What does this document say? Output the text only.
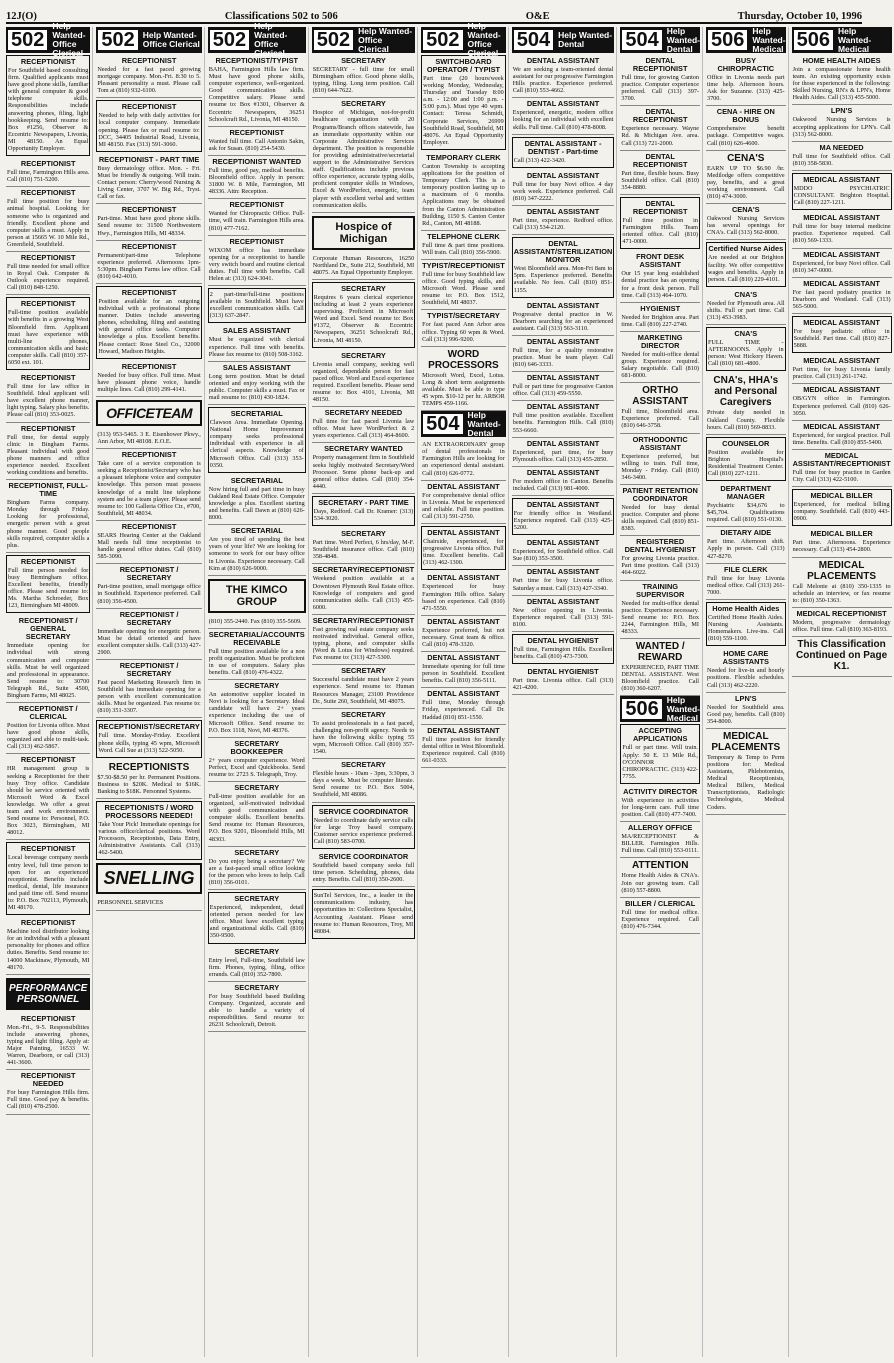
12J(O)	Classifications 502 to 506	O&E	Thursday, October 10, 1996
502
Help Wanted-Office Clerical
RECEPTIONIST

For Southfield based consulting firm. Qualified applicants must have good phone skills, familiar with general computer & good telephone skills. Responsibilities include answering phones, filing, light bookkeeping. Send resume to: Box #1256, Observer & Eccentric Newspapers, Livonia, MI 48150. An Equal Opportunity Employer.

RECEPTIONIST

Full time, Farmington Hills area. Call (810) 751-5200.

RECEPTIONIST

Full time position for busy animal hospital. Looking for someone who is organized and friendly. Excellent phone and computer skills a must. Apply in person at 15665 W. 10 Mile Rd., Greenfield, Southfield.

RECEPTIONIST

Full time needed for small office in Royal Oak. Computer & Outlook experience required. Call (810) 848-1250.

RECEPTIONIST

Full-time position available with benefits in a growing West Bloomfield firm. Applicant must have experience with multi-line phones, communication skills and basic computer skills. Call (810) 357-6050 ext. 101.

RECEPTIONIST

Full time for law office in Southfield. Ideal applicant will have excellent phone manner, light typing. Salary plus benefits. Please call (810) 353-0025.

RECEPTIONIST

Full time, for dental supply clinic in Bingham Farms. Pleasant individual with good phone manners and office experience needed. Excellent working conditions and benefits.

RECEPTIONIST, FULL-TIME

Bingham Farms company. Monday through Friday. Looking for professional, energetic person with a great phone manner. Good people skills required, computer skills a plus.

RECEPTIONIST

Full time person needed for busy Birmingham office. Excellent benefits, friendly office. Please send resume to: Ms. Martha Schroeder, Box 123, Birmingham MI 48009.

RECEPTIONIST / GENERAL SECRETARY

Immediate opening for individual with strong communication and computer skills. Must be well organized and professional in appearance. Send resume to: 30700 Telegraph Rd., Suite 4500, Bingham Farms, MI 48025.

RECEPTIONIST / CLERICAL

Position for Livonia office. Must have good phone skills, organized and able to multi-task. Call (313) 462-5867.

RECEPTIONIST

HR management group is seeking a Receptionist for their busy Troy office. Candidate should be service oriented with Microsoft Word & Excel knowledge. We offer a great team and work environment. Send resume to: Personnel, P.O. Box 3023, Birmingham, MI 48012.

RECEPTIONIST

Local beverage company needs entry level, full time person to open for an experienced receptionist. Benefits include medical, dental, life insurance and paid time off. Send resume to: P.O. Box 702113, Plymouth, MI 48170.

RECEPTIONIST

Machine tool distributor looking for an individual with a pleasant personality for phones and office duties. Benefits. Send resume to: 14000 Mackinaw, Plymouth, MI 48170.

PERFORMANCE PERSONNEL
RECEPTIONIST

Mon.-Fri., 9-5. Responsibilities include answering phones, typing and light filing. Apply at: Major Painting, 16533 W. Warren, Dearborn, or call (313) 441-3600.

RECEPTIONIST NEEDED

For busy Farmington Hills firm. Full time. Good pay & benefits. Call (810) 478-2500.

502 Help Wanted-Office Clerical
RECEPTIONIST

Needed for a fast paced growing mortgage company. Mon.-Fri. 8:30 to 5. Pleasant personality a must. Please call Tom at (810) 932-6100.

RECEPTIONIST

Needed to help with daily activities for local computer company. Immediate opening. Please fax or mail resume to: DCC, 34405 Industrial Road, Livonia, MI 48150. Fax (313) 591-3060.

RECEPTIONIST - PART TIME

Busy dermatology office. Mon. - Fri. Must be friendly & outgoing. Will train. Contact person: Cherry/wood Nursing & Living Center, 3707 W. Big Rd., Tryst. Call or fax.

RECEPTIONIST

Part-time. Must have good phone skills. Send resume to: 31500 Northwestern Hwy., Farmington Hills, MI 48334.

RECEPTIONIST

Permanent/part-time Telephone experience preferred. Afternoons 1pm-5:30pm. Bingham Farms law office. Call (810) 642-4010.

RECEPTIONIST

Position available for an outgoing individual with a professional phone manner. Duties include answering phones, scheduling, filing and assisting with general office tasks. Computer knowledge a plus. Excellent benefits. Please contact: Rose Steel Co., 32000 Howard, Madison Heights.

RECEPTIONIST

Needed for busy office. Full time. Must have pleasant phone voice, handle multiple lines. Call (810) 299-4141.

OFFICETEAM

(313) 953-5465. 3 E. Eisenhower Pkwy., Ann Arbor, MI 48108. E.O.E.

RECEPTIONIST

Take care of a service corporation is seeking a Receptionist/Secretary who has a pleasant telephone voice and computer knowledge. This person must possess knowledge of a multi line telephone system and be a team player. Please send resume to: 100 Galleria Office Ctr., #700, Southfield, MI 48034.

RECEPTIONIST

SEARS Hearing Center at the Oakland Mall needs full time receptionist to handle general office duties. Call (810) 585-3090.

RECEPTIONIST / SECRETARY

Part-time position, small mortgage office in Southfield. Experience preferred. Call (810) 356-4500.

RECEPTIONIST / SECRETARY

Immediate opening for energetic person. Must be detail oriented and have excellent computer skills. Call (313) 427-2900.

RECEPTIONIST / SECRETARY

Fast paced Marketing Research firm in Southfield has immediate opening for a person with excellent communication skills. Must be organized. Fax resume to: (810) 351-3307.

RECEPTIONIST/SECRETARY

Full time. Monday-Friday. Excellent phone skills, typing 45 wpm, Microsoft Word. Call Sue at (313) 522-5050.

RECEPTIONISTS

$7.50-$8.50 per hr. Permanent Positions. Business to $20K. Medical to $16K. Banking to $18K. Personnel Systems.

RECEPTIONISTS / WORD PROCESSORS NEEDED!

Take Your Pick! Immediate openings for various office/clerical positions. Word Processors, Receptionists, Data Entry, Administrative Assistants. Call (313) 462-5400.

SNELLING

PERSONNEL SERVICES

502
Help Wanted-Office Clerical
RECEPTIONIST/TYPIST

BAHA, Farmington Hills law firm. Must have good phone skills, computer experience, well-organized. Good communication skills. Competitive salary. Please send resume to: Box #1301, Observer & Eccentric Newspapers, 36251 Schoolcraft Rd., Livonia, MI 48150.

RECEPTIONIST

Wanted full time. Call Antonio Sakin, ask for Susan. (810) 254-5430.

RECEPTIONIST WANTED

Full time, good pay, medical benefits. Bloomfield office. Apply in person: 31800 W. 8 Mile, Farmington, MI 48336. Attn: Reception.

RECEPTIONIST

Wanted for Chiropractic Office. Full-time, will train. Farmington Hills area. (810) 477-7162.

RECEPTIONIST

WIXOM office has immediate opening for a receptionist to handle very switch board and routine clerical duties. Full time with benefits. Call Helen at: (313) 624-3041.

2 part-time/full-time positions available in Southfield. Must have excellent communication skills. Call (313) 637-2847.

SALES ASSISTANT

Must be organized with clerical experience. Full time with benefits. Please fax resume to: (810) 508-3162.

SALES ASSISTANT

Long term position. Must be detail oriented and enjoy working with the public. Computer skills a must. Fax or mail resume to: (810) 430-1824.

SECRETARIAL

Clawson Area. Immediate Opening. National Home Improvement company seeks professional individual with experience in all clerical aspects. Knowledge of Microsoft Office. Call (313) 353-0350.

SECRETARIAL

Now hiring full and part time in busy Oakland Real Estate Office. Computer knowledge a plus. Excellent starting and benefits. Call Dawn at (810) 626-8000.

SECRETARIAL

Are you tired of spending the best years of your life? We are looking for someone to work for our busy office in Livonia. Experience necessary. Call Kim at (810) 626-9000.

THE KIMCO GROUP

(810) 355-2440. Fax (810) 355-5609.

SECRETARIAL/ACCOUNTS RECEIVABLE

Full time position available for a non profit organization. Must be proficient in use of computers. Salary plus benefits. Call (810) 476-4322.

SECRETARY

An automotive supplier located in Novi is looking for a Secretary. Ideal candidate will have 2+ years experience including the use of Microsoft Office. Send resume to: P.O. Box 1118, Novi, MI 48376.

SECRETARY BOOKKEEPER

2+ years computer experience. Word Perfect, Excel and Quickbooks. Send resume to: 2723 S. Telegraph, Troy.

SECRETARY

Full-time position available for an organized, self-motivated individual with good communication and computer skills. Excellent benefits. Send resume to: Human Resources, P.O. Box 9201, Bloomfield Hills, MI 48303.

SECRETARY

Do you enjoy being a secretary? We are a fast-paced small office looking for the person who loves to help. Call (810) 356-0101.

SECRETARY

Experienced, independent, detail oriented person needed for law office. Must have excellent typing and organizational skills. Call (810) 350-9500.

SECRETARY

Entry level, Full-time, Southfield law firm. Phones, typing, filing, office errands. Call (810) 352-7800.

SECRETARY

For busy Southfield based Building Company. Organized, accurate and able to handle a variety of responsibilities. Send resume to: 26231 Schoolcraft, Detroit.

502 Help Wanted-Office Clerical
SECRETARY

SECRETARY - full time for small Birmingham office. Good phone skills, typing, filing. Long term position. Call (810) 644-7622.

SECRETARY

Hospice of Michigan, not-for-profit healthcare organization with 20 Programs/Branch offices statewide, has an immediate opportunity within our Corporate Administrative Services department. The position is responsible for providing administrative/secretarial support to the Administrative Services staff. Qualifications include previous office experience, accurate typing skills, proficient computer skills in Windows, Excel & WordPerfect, energetic, team player with excellent verbal and written communication skills.

Hospice of Michigan

Corporate Human Resources, 16250 Northland Dr., Suite 212, Southfield, MI 48075. An Equal Opportunity Employer.

SECRETARY

Requires 6 years clerical experience including at least 2 years experience supervising. Proficient in Microsoft Word and Excel. Send resume to: Box #1372, Observer & Eccentric Newspapers, 36251 Schoolcraft Rd., Livonia, MI 48150.

SECRETARY

Livonia small company, seeking well organized, dependable person for fast paced office. Word and Excel experience required. Excellent benefits. Please send resume to: Box 4101, Livonia, MI 48150.

SECRETARY NEEDED

Full time for fast paced Livonia law office. Must have WordPerfect & 2 years experience. Call (313) 464-8600.

SECRETARY WANTED

Property management firm in Southfield seeks highly motivated Secretary/Word Processor. Some phone back-up and general office duties. Call (810) 354-4440.

SECRETARY - PART TIME

Days, Redford. Call Dr. Kramer: (313) 534-3020.

SECRETARY

Part time. Word Perfect, 6 hrs/day, M-F. Southfield insurance office. Call (810) 358-4848.

SECRETARY/RECEPTIONIST

Weekend position available at a Downtown Plymouth Real Estate office. Knowledge of computers and good communication skills. Call (313) 455-6000.

SECRETARY/RECEPTIONIST

Fast growing real estate company seeks motivated individual. General office, typing, phone, and computer skills (Word & Lotus for Windows) required. Fax resume to: (313) 427-5300.

SECRETARY

Successful candidate must have 2 years experience. Send resume to: Human Resources Manager, 23100 Providence Dr., Suite 260, Southfield, MI 48075.

SECRETARY

To assist professionals in a fast paced, challenging non-profit agency. Needs to have the following skills: typing 55 wpm, Microsoft Office. Call (810) 357-1540.

SECRETARY

Flexible hours - 10am - 3pm, 3:30pm, 3 days a week. Must be computer literate. Send resume to: P.O. Box 5004, Southfield, MI 48086.

SERVICE COORDINATOR

Needed to coordinate daily service calls for large Troy based company. Customer service experience preferred. Call (810) 583-0700.

SERVICE COORDINATOR

Southfield based company seeks full time person. Scheduling, phones, data entry. Benefits. Call (810) 350-2600.

SunTel Services, Inc., a leader in the communications industry, has opportunities in: Collections Specialist, Accounting Assistant. Please send resume to: Human Resources, Troy, MI 48084.

502
Help Wanted-Office Clerical
SWITCHBOARD OPERATOR / TYPIST

Part time (20 hours/week working Monday, Wednesday, Thursday and Tuesday 8:00 a.m. - 12:00 and 1:00 p.m. - 5:00 p.m.). Must type 40 wpm. Contact: Teresa Schmidt, Corporate Services, 26999 Southfield Road, Southfield, MI 48076. An Equal Opportunity Employer.

TEMPORARY CLERK

Canton Township is accepting applications for the position of Temporary Clerk. This is a temporary position lasting up to a maximum of 6 months. Applications may be obtained from the Canton Administration Building, 1150 S. Canton Center Rd., Canton, MI 48188.

TELEPHONE CLERK

Full time & part time positions. Will train. Call (810) 356-5900.

TYPIST/RECEPTIONIST

Full time for busy Southfield law office. Good typing skills, and Microsoft Word. Please send resume to: P.O. Box 1512, Southfield, MI 48037.

TYPIST/SECRETARY

For fast paced Ann Arbor area office. Typing 60 wpm & Word. Call (313) 996-9200.

WORD PROCESSORS

Microsoft Word, Excel, Lotus. Long & short term assignments available. Must be able to type 45 wpm. $10-12 per hr. ARBOR TEMPS 459-1166.

504 Help Wanted-Dental

AN EXTRAORDINARY group of dental professionals in Farmington Hills are looking for an experienced dental assistant. Call (810) 626-0772.

DENTAL ASSISTANT

For comprehensive dental office in Livonia. Must be experienced and reliable. Full time position. Call (313) 591-2750.

DENTAL ASSISTANT

Chairside, experienced, for progressive Livonia office. Full time. Excellent benefits. Call (313) 462-1300.

DENTAL ASSISTANT

Experienced for busy Farmington Hills office. Salary based on experience. Call (810) 471-5550.

DENTAL ASSISTANT

Experience preferred, but not necessary. Great team & office. Call (810) 478-3320.

DENTAL ASSISTANT

Immediate opening for full time person in Southfield. Excellent benefits. Call (810) 356-5111.

DENTAL ASSISTANT

Full time, Monday through Friday, experienced. Call Dr. Haddad (810) 851-1550.

DENTAL ASSISTANT

Full time position for friendly dental office in West Bloomfield. Experience required. Call (810) 661-0333.

504 Help Wanted-Dental
DENTAL ASSISTANT

We are seeking a team-oriented dental assistant for our progressive Farmington Hills practice. Experience preferred. Call (810) 553-4662.

DENTAL ASSISTANT

Experienced, energetic, modern office looking for an individual with excellent skills. Full time. Call (810) 478-8008.

DENTAL ASSISTANT - DENTIST - Part-time

Call (313) 422-3420.

DENTAL ASSISTANT

Full time for busy Novi office. 4 day work week. Experience preferred. Call (810) 347-2222.

DENTAL ASSISTANT

Part time, experience. Redford office. Call (313) 534-2120.

DENTAL ASSISTANT/STERILIZATION MONITOR

West Bloomfield area. Mon-Fri 8am to 5pm. Experience preferred. Benefits available. No fees. Call (810) 851-1155.

DENTAL ASSISTANT

Progressive dental practice in W. Dearborn searching for an experienced assistant. Call (313) 563-3110.

DENTAL ASSISTANT

Full time, for a quality restorative practice. Must be team player. Call (810) 646-3333.

DENTAL ASSISTANT

Full or part time for progressive Canton office. Call (313) 459-5550.

DENTAL ASSISTANT

Full time position available. Excellent benefits. Farmington Hills. Call (810) 553-6660.

DENTAL ASSISTANT

Experienced, part time, for busy Plymouth office. Call (313) 455-2850.

DENTAL ASSISTANT

For modern office in Canton. Benefits included. Call (313) 981-4000.

DENTAL ASSISTANT

For friendly office in Westland. Experience required. Call (313) 425-5200.

DENTAL ASSISTANT

Experienced, for Southfield office. Call Sue (810) 353-3500.

DENTAL ASSISTANT

Part time for busy Livonia office. Saturday a must. Call (313) 427-3340.

DENTAL ASSISTANT

New office opening in Livonia. Experience required. Call (313) 591-8100.

DENTAL HYGIENIST

Full time, Farmington Hills. Excellent benefits. Call (810) 473-7300.

DENTAL HYGIENIST

Part time. Livonia office. Call (313) 421-4200.

504 Help Wanted-Dental
DENTAL RECEPTIONIST

Full time, for growing Canton practice. Computer experience preferred. Call (313) 397-3700.

DENTAL RECEPTIONIST

Experience necessary. Wayne Rd. & Michigan Ave. area. Call (313) 721-2000.

DENTAL RECEPTIONIST

Part time, flexible hours. Busy Southfield office. Call (810) 354-8880.

DENTAL RECEPTIONIST

Full time position in Farmington Hills. Team oriented office. Call (810) 471-0000.

FRONT DESK ASSISTANT

Our 15 year long established dental practice has an opening for a front desk person. Full time. Call (313) 464-1070.

HYGIENIST

Needed for Brighton area. Part time. Call (810) 227-2740.

MARKETING DIRECTOR

Needed for multi-office dental group. Experience required. Salary negotiable. Call (810) 681-8000.

ORTHO ASSISTANT

Full time, Bloomfield area. Experience preferred. Call (810) 646-3758.

ORTHODONTIC ASSISTANT

Experience preferred, but willing to train. Full time, Monday - Friday. Call (810) 346-3400.

PATIENT RETENTION COORDINATOR

Needed for busy dental practice. Computer and phone skills required. Call (810) 851-8383.

REGISTERED DENTAL HYGIENIST

For growing Livonia practice. Part time position. Call (313) 464-6022.

TRAINING SUPERVISOR

Needed for multi-office dental practice. Experience necessary. Send resume to: P.O. Box 2244, Farmington Hills, MI 48333.

WANTED / REWARD

EXPERIENCED, PART TIME DENTAL ASSISTANT. West Bloomfield practice. Call (810) 360-6207.

506 Help Wanted-Medical
ACCEPTING APPLICATIONS

Full or part time. Will train. Apply: 50 E. 13 Mile Rd., O'CONNOR CHIROPRACTIC. (313) 422-7755.

ACTIVITY DIRECTOR

With experience in activities for long-term care. Full time position. Call (810) 477-7400.

ALLERGY OFFICE

MA/RECEPTIONIST & BILLER. Farmington Hills. Full time. Call (810) 553-0111.

ATTENTION

Home Health Aides & CNA's. Join our growing team. Call (810) 557-8800.

BILLER / CLERICAL

Full time for medical office. Experience required. Call (810) 476-7344.

506 Help Wanted-Medical
BUSY CHIROPRACTIC

Office in Livonia needs part time help. Afternoon hours. Ask for Suzanne. (313) 425-3700.

CENA - HIRE ON BONUS

Comprehensive benefit package. Competitive wages. Call (810) 626-4600.

CENA'S

EARN UP TO $6.90 /hr. Medilodge offers competitive pay, benefits, and a great working environment. Call (810) 474-3000.

CENA'S

Oakwood Nursing Services has several openings for CNA's. Call (313) 562-8000.

Certified Nurse Aides

Are needed at our Brighton facility. We offer competitive wages and benefits. Apply in person. Call (810) 229-4101.

CNA'S

Needed for Plymouth area. All shifts. Full or part time. Call (313) 453-3983.

CNA'S

FULL TIME - AFTERNOONS. Apply in person: West Hickory Haven. Call (810) 681-4800.

CNA's, HHA's and Personal Caregivers

Private duty needed in Oakland County. Flexible hours. Call (810) 569-8833.

COUNSELOR

Position available for Brighton Hospital's Residential Treatment Center. Call (810) 227-1211.

DEPARTMENT MANAGER

Psychiatric $34,676 to $45,704. Qualifications required. Call (810) 551-0130.

DIETARY AIDE

Part time. Afternoon shift. Apply in person. Call (313) 427-8270.

FILE CLERK

Full time for busy Livonia medical office. Call (313) 261-7000.

Home Health Aides

Certified Home Health Aides. Nursing Assistants. Homemakers. Live-ins. Call (810) 559-1100.

HOME CARE ASSISTANTS

Needed for live-in and hourly positions. Flexible schedules. Call (313) 462-2220.

LPN'S

Needed for Southfield area. Good pay, benefits. Call (810) 354-8000.

MEDICAL PLACEMENTS

Temporary & Temp to Perm positions for: Medical Assistants, Phlebotomists, Medical Receptionists, Medical Billers, Medical Transcriptionists, Radiologic Technologists, Medical Coders.

506 Help Wanted-Medical
HOME HEALTH AIDES

Join a compassionate home health team. An existing opportunity exists for those experienced in the following: Skilled Nursing, RN's & LPN's, Home Health Aides. Call (313) 455-5000.

LPN'S

Oakwood Nursing Services is accepting applications for LPN's. Call (313) 562-8000.

MA NEEDED

Full time for Southfield office. Call (810) 358-5830.

MEDICAL ASSISTANT

MDDO PSYCHIATRIC CONSULTANT. Brighton Hospital. Call (810) 227-1211.

MEDICAL ASSISTANT

Full time for busy internal medicine practice. Experience required. Call (810) 569-1333.

MEDICAL ASSISTANT

Experienced, for busy Novi office. Call (810) 347-0000.

MEDICAL ASSISTANT

For fast paced podiatry practice in Dearborn and Westland. Call (313) 565-5000.

MEDICAL ASSISTANT

For busy pediatric office in Southfield. Part time. Call (810) 827-5888.

MEDICAL ASSISTANT

Part time, for busy Livonia family practice. Call (313) 261-1742.

MEDICAL ASSISTANT

OB/GYN office in Farmington. Experience preferred. Call (810) 626-3050.

MEDICAL ASSISTANT

Experienced, for surgical practice. Full time. Benefits. Call (810) 855-5400.

MEDICAL ASSISTANT/RECEPTIONIST

Full time for busy practice in Garden City. Call (313) 422-5100.

MEDICAL BILLER

Experienced, for medical billing company. Southfield. Call (810) 443-0900.

MEDICAL BILLER

Part time. Afternoons. Experience necessary. Call (313) 454-2800.

MEDICAL PLACEMENTS

Call Melonie at (810) 350-1335 to schedule an interview, or fax resume to: (810) 350-1363.

MEDICAL RECEPTIONIST

Modern, progressive dermatology office. Full time. Call (810) 363-8193.

This Classification Continued on Page K1.
